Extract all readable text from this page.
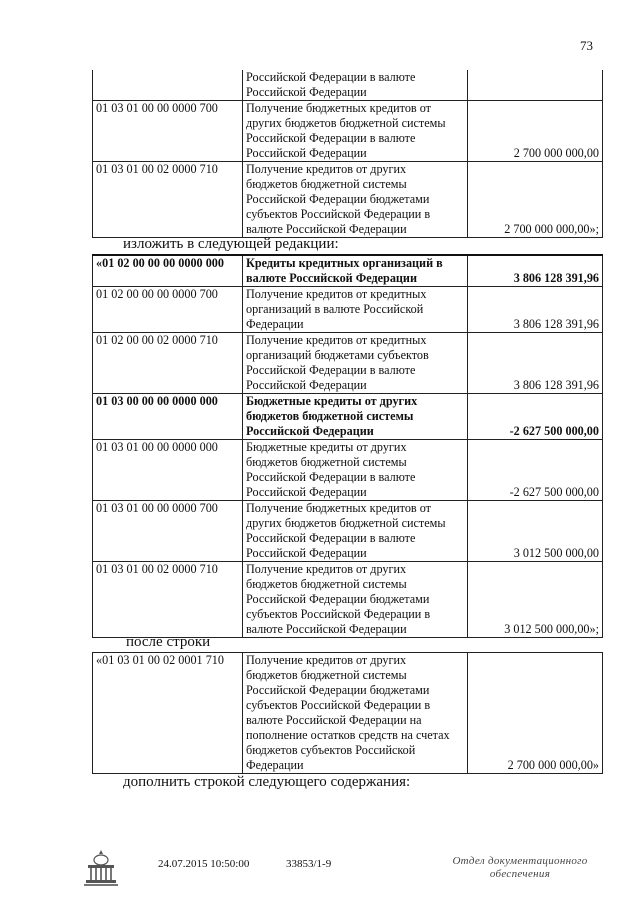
73
	Российской Федерации в валюте
Российской Федерации	
01 03 01 00 00 0000 700	Получение бюджетных кредитов от
других бюджетов бюджетной системы
Российской Федерации в валюте
Российской Федерации	2 700 000 000,00
01 03 01 00 02 0000 710	Получение кредитов от других
бюджетов бюджетной системы
Российской Федерации бюджетами
субъектов Российской Федерации в
валюте Российской Федерации	2 700 000 000,00»;
изложить в следующей редакции:
«01 02 00 00 00 0000 000	Кредиты кредитных организаций в
валюте Российской Федерации	3 806 128 391,96
01 02 00 00 00 0000 700	Получение кредитов от кредитных
организаций в валюте Российской
Федерации	3 806 128 391,96
01 02 00 00 02 0000 710	Получение кредитов от кредитных
организаций бюджетами субъектов
Российской Федерации в валюте
Российской Федерации	3 806 128 391,96
01 03 00 00 00 0000 000	Бюджетные кредиты от других
бюджетов бюджетной системы
Российской Федерации	-2 627 500 000,00
01 03 01 00 00 0000 000	Бюджетные кредиты от других
бюджетов бюджетной системы
Российской Федерации в валюте
Российской Федерации	-2 627 500 000,00
01 03 01 00 00 0000 700	Получение бюджетных кредитов от
других бюджетов бюджетной системы
Российской Федерации в валюте
Российской Федерации	3 012 500 000,00
01 03 01 00 02 0000 710	Получение кредитов от других
бюджетов бюджетной системы
Российской Федерации бюджетами
субъектов Российской Федерации в
валюте Российской Федерации	3 012 500 000,00»;
после строки
«01 03 01 00 02 0001 710	Получение кредитов от других
бюджетов бюджетной системы
Российской Федерации бюджетами
субъектов Российской Федерации в
валюте Российской Федерации на
пополнение остатков средств на счетах
бюджетов субъектов Российской
Федерации	2 700 000 000,00»
дополнить строкой следующего содержания:
24.07.2015 10:50:00	33853/1-9	Отдел документационного
обеспечения
